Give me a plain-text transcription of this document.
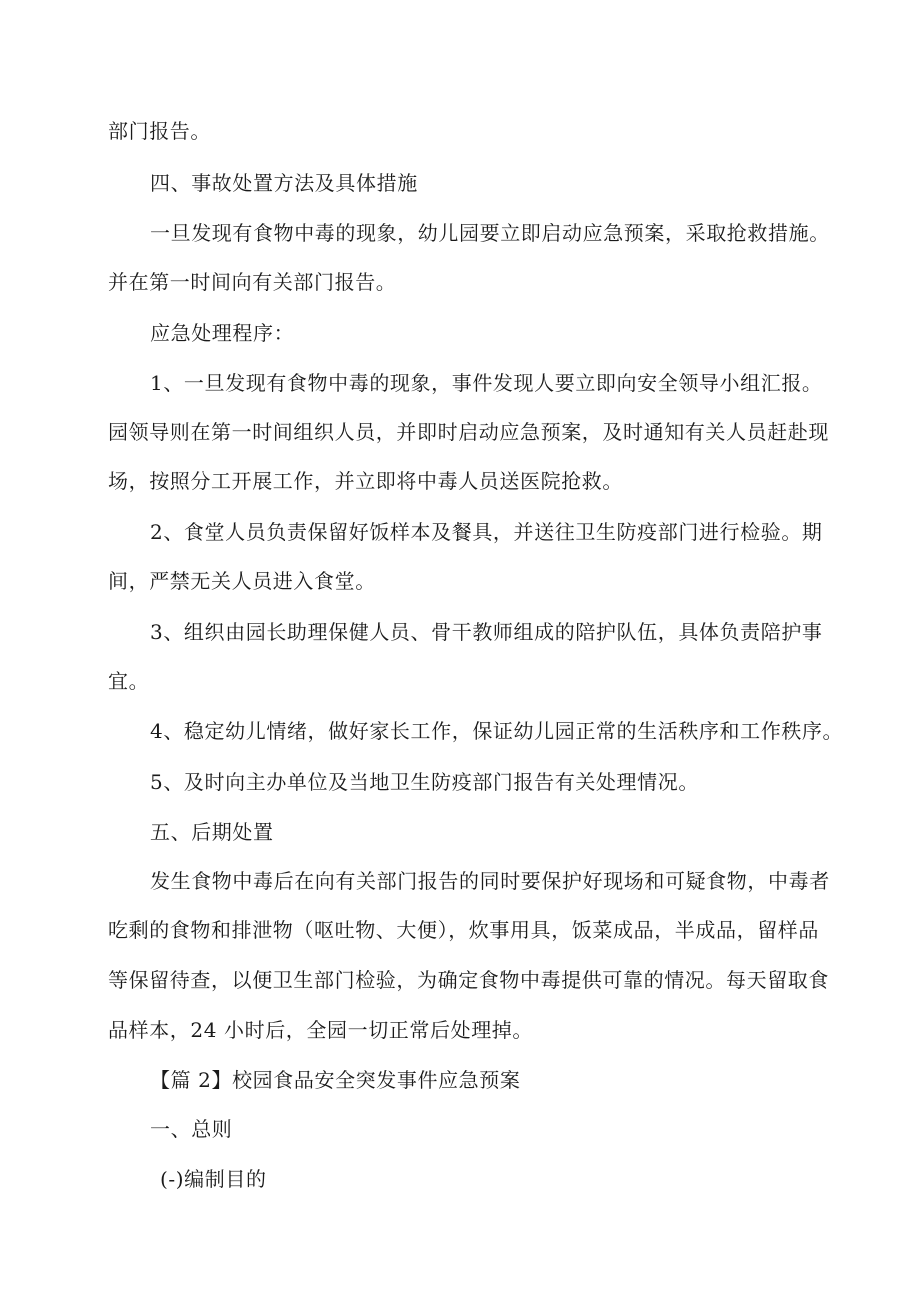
部门报告。
四、事故处置方法及具体措施
一旦发现有食物中毒的现象，幼儿园要立即启动应急预案，采取抢救措施。
并在第一时间向有关部门报告。
应急处理程序：
1、一旦发现有食物中毒的现象，事件发现人要立即向安全领导小组汇报。
园领导则在第一时间组织人员，并即时启动应急预案，及时通知有关人员赶赴现
场，按照分工开展工作，并立即将中毒人员送医院抢救。
2、食堂人员负责保留好饭样本及餐具，并送往卫生防疫部门进行检验。期
间，严禁无关人员进入食堂。
3、组织由园长助理保健人员、骨干教师组成的陪护队伍，具体负责陪护事
宜。
4、稳定幼儿情绪，做好家长工作，保证幼儿园正常的生活秩序和工作秩序。
5、及时向主办单位及当地卫生防疫部门报告有关处理情况。
五、后期处置
发生食物中毒后在向有关部门报告的同时要保护好现场和可疑食物，中毒者
吃剩的食物和排泄物（呕吐物、大便），炊事用具，饭菜成品，半成品，留样品
等保留待查，以便卫生部门检验，为确定食物中毒提供可靠的情况。每天留取食
品样本，24 小时后，全园一切正常后处理掉。
【篇 2】校园食品安全突发事件应急预案
一、总则
(-)编制目的
